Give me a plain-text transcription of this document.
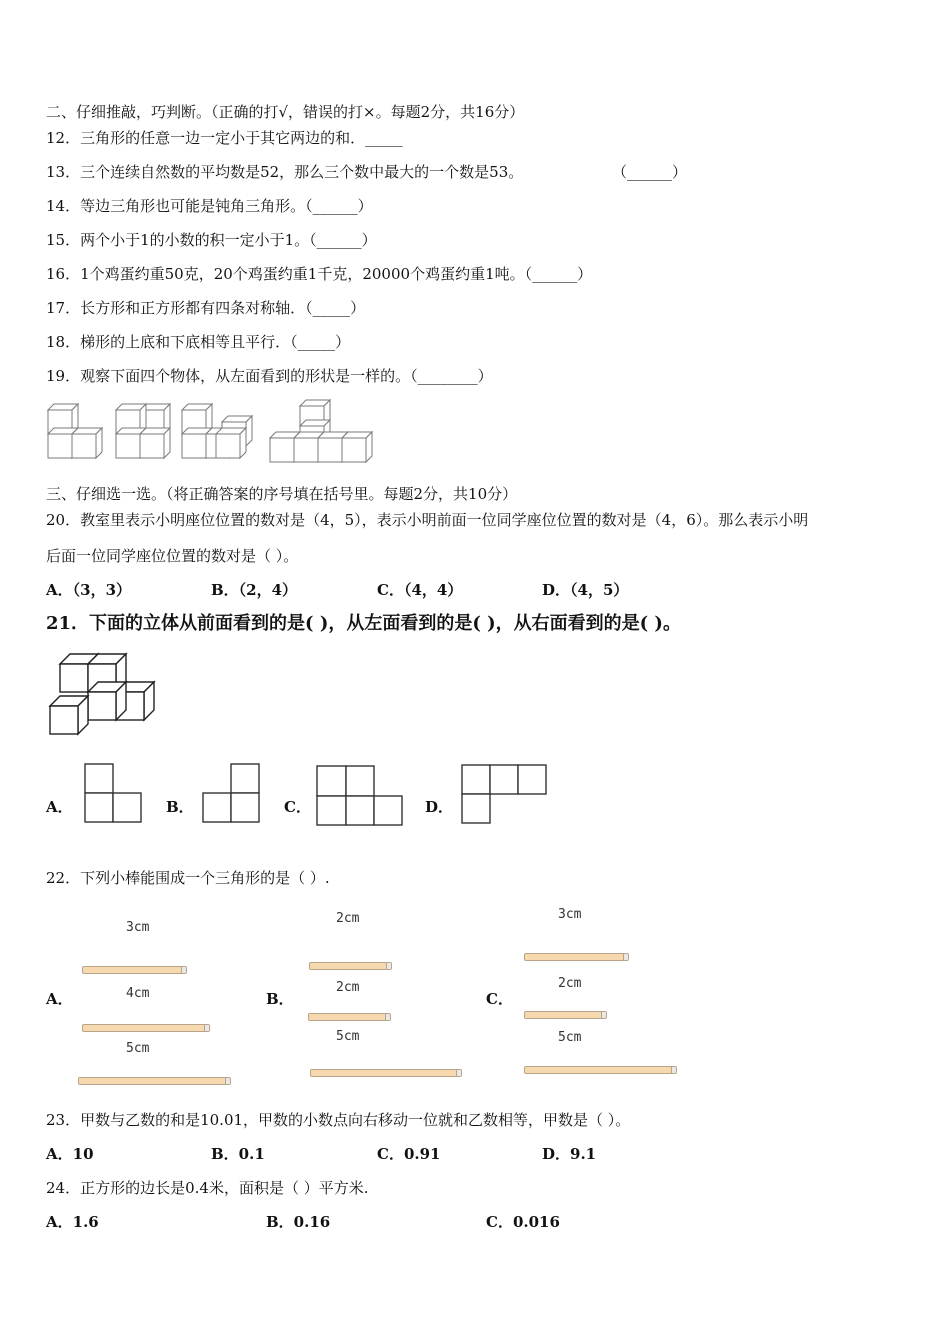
二、仔细推敲，巧判断。（正确的打√，错误的打×。每题2分，共16分）
12．三角形的任意一边一定小于其它两边的和．_____
13．三个连续自然数的平均数是52，那么三个数中最大的一个数是53。	（______）
14．等边三角形也可能是钝角三角形。（______）
15．两个小于1的小数的积一定小于1。（______）
16．1个鸡蛋约重50克，20个鸡蛋约重1千克，20000个鸡蛋约重1吨。（______）
17．长方形和正方形都有四条对称轴．（_____）
18．梯形的上底和下底相等且平行．（_____）
19．观察下面四个物体，从左面看到的形状是一样的。（________）
三、仔细选一选。（将正确答案的序号填在括号里。每题2分，共10分）
20．教室里表示小明座位位置的数对是（4，5），表示小明前面一位同学座位位置的数对是（4，6）。那么表示小明
后面一位同学座位位置的数对是（ ）。
A．（3，3）	B．（2，4）	C．（4，4）	D．（4，5）
21．下面的立体从前面看到的是( )，从左面看到的是( )，从右面看到的是( )。
A．	B．	C．	D．
22．下列小棒能围成一个三角形的是（ ）.
A．
3cm
4cm
5cm
B．
2cm
2cm
5cm
C．
3cm
2cm
5cm
23．甲数与乙数的和是10.01，甲数的小数点向右移动一位就和乙数相等，甲数是（ ）。
A．10	B．0.1	C．0.91	D．9.1
24．正方形的边长是0.4米，面积是（ ）平方米.
A．1.6	B．0.16	C．0.016
